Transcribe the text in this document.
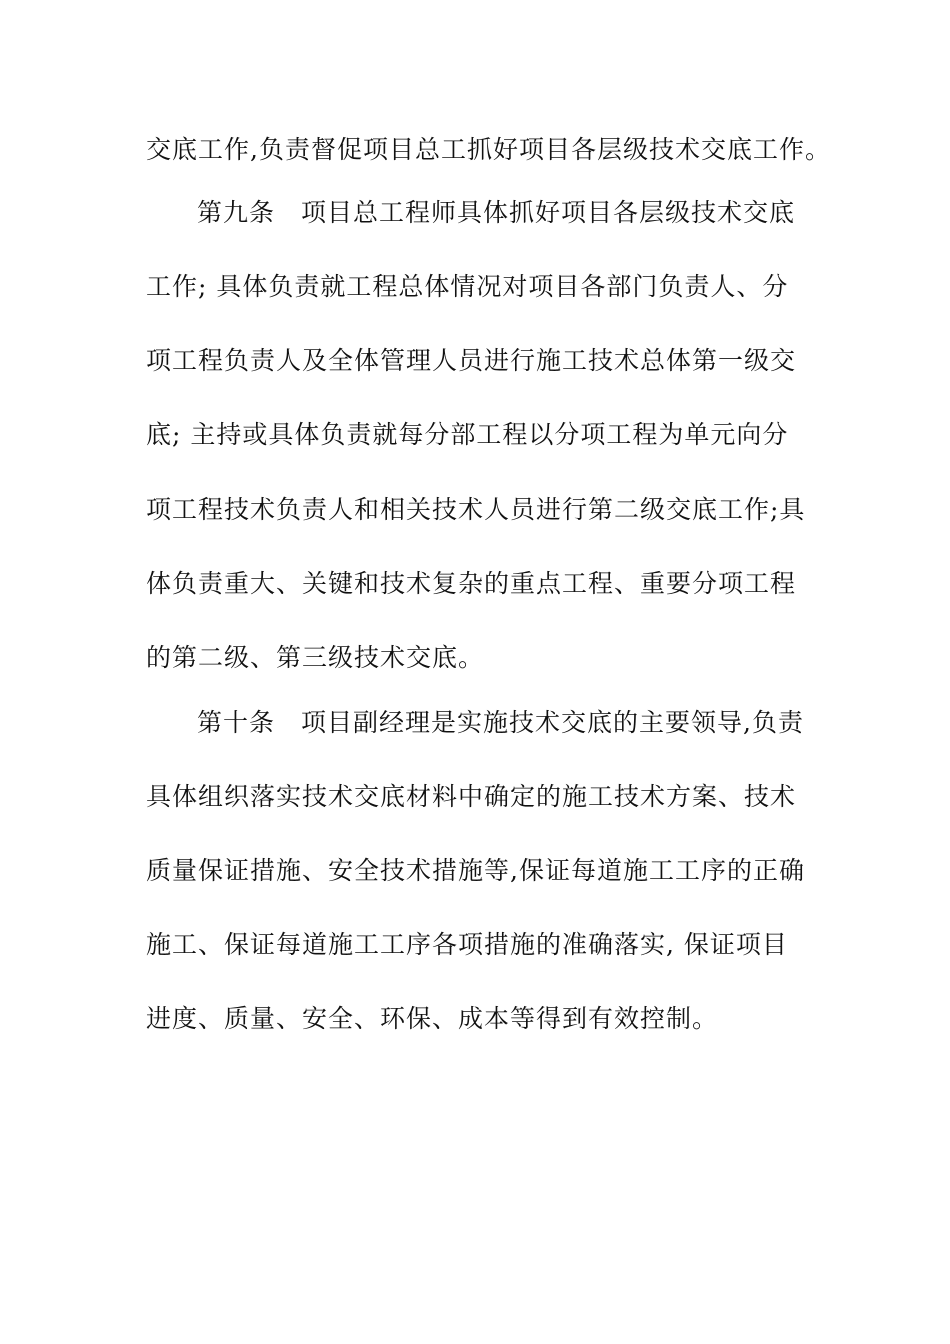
交底工作,负责督促项目总工抓好项目各层级技术交底工作。
第九条　项目总工程师具体抓好项目各层级技术交底
工作; 具体负责就工程总体情况对项目各部门负责人、分
项工程负责人及全体管理人员进行施工技术总体第一级交
底; 主持或具体负责就每分部工程以分项工程为单元向分
项工程技术负责人和相关技术人员进行第二级交底工作;具
体负责重大、关键和技术复杂的重点工程、重要分项工程
的第二级、第三级技术交底。
第十条　项目副经理是实施技术交底的主要领导,负责
具体组织落实技术交底材料中确定的施工技术方案、技术
质量保证措施、安全技术措施等,保证每道施工工序的正确
施工、保证每道施工工序各项措施的准确落实, 保证项目
进度、质量、安全、环保、成本等得到有效控制。
